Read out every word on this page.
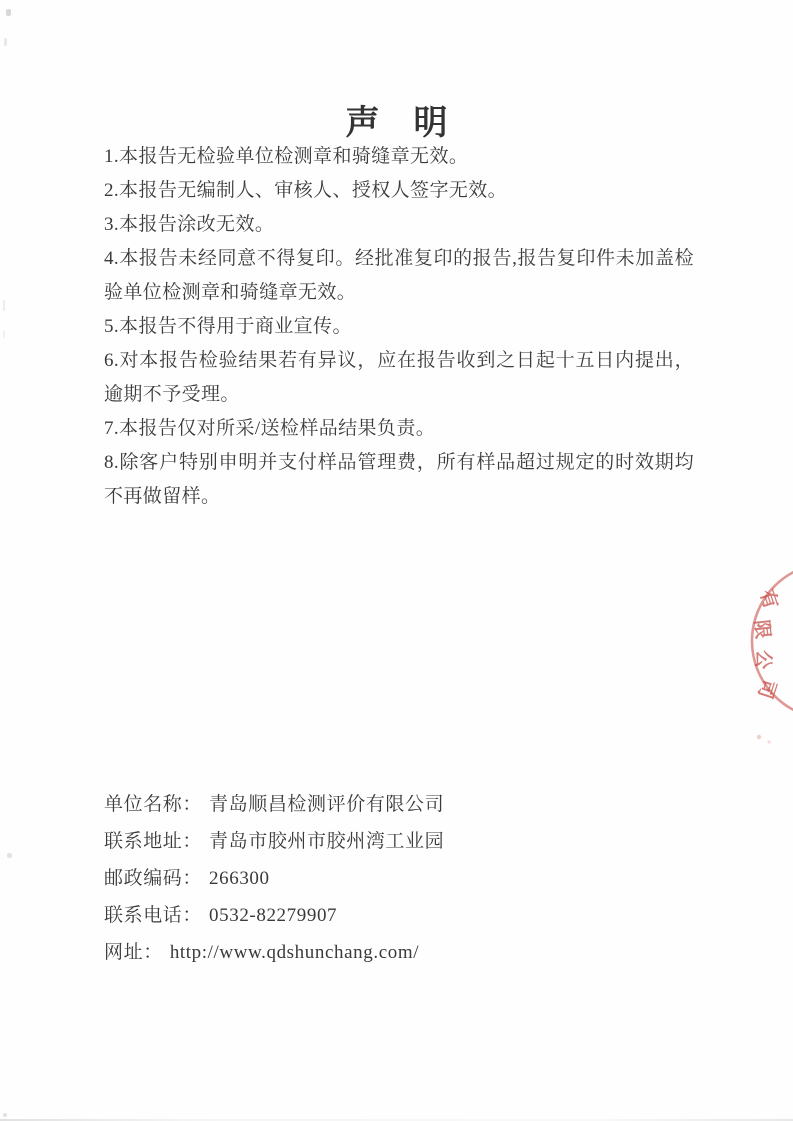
声　明

1.本报告无检验单位检测章和骑缝章无效。

2.本报告无编制人、审核人、授权人签字无效。

3.本报告涂改无效。

4.本报告未经同意不得复印。经批准复印的报告,报告复印件未加盖检验单位检测章和骑缝章无效。

5.本报告不得用于商业宣传。

6.对本报告检验结果若有异议，应在报告收到之日起十五日内提出，逾期不予受理。

7.本报告仅对所采/送检样品结果负责。

8.除客户特别申明并支付样品管理费，所有样品超过规定的时效期均不再做留样。

单位名称： 青岛顺昌检测评价有限公司
联系地址： 青岛市胶州市胶州湾工业园
邮政编码： 266300
联系电话： 0532-82279907
网址： http://www.qdshunchang.com/
有
限
公
司
